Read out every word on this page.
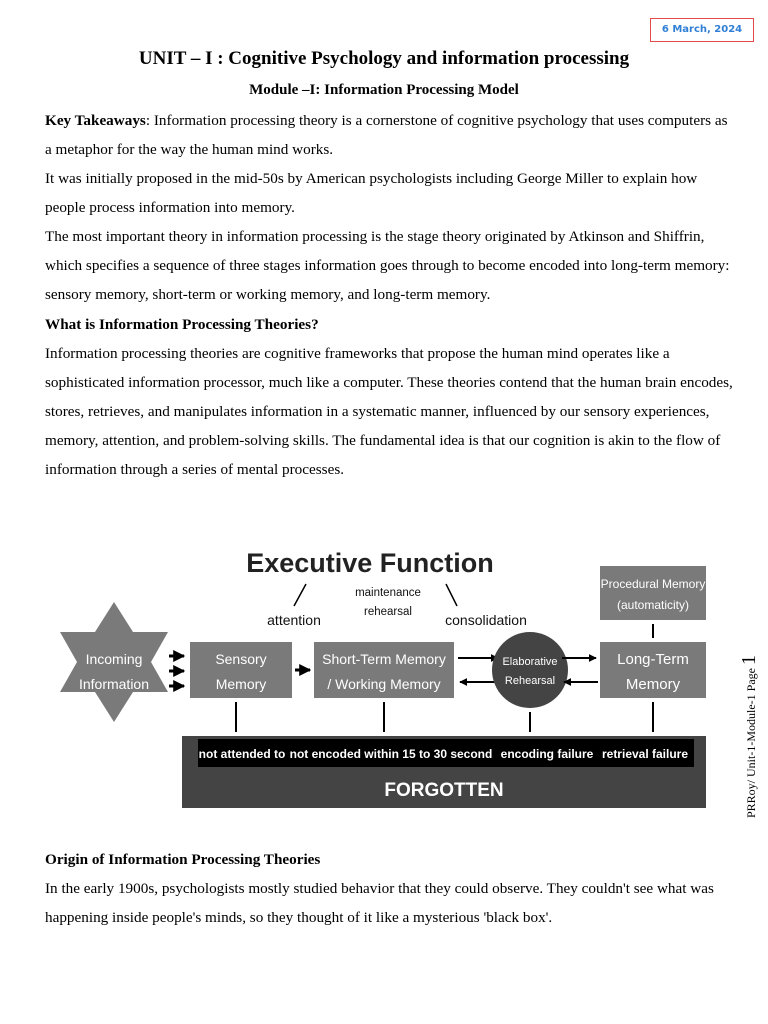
6 March, 2024
UNIT – I : Cognitive Psychology and information processing
Module –I: Information Processing Model

Key Takeaways: Information processing theory is a cornerstone of cognitive psychology that uses computers as a metaphor for the way the human mind works.

It was initially proposed in the mid-50s by American psychologists including George Miller to explain how people process information into memory.

The most important theory in information processing is the stage theory originated by Atkinson and Shiffrin, which specifies a sequence of three stages information goes through to become encoded into long-term memory: sensory memory, short-term or working memory, and long-term memory.

What is Information Processing Theories?

Information processing theories are cognitive frameworks that propose the human mind operates like a sophisticated information processor, much like a computer. These theories contend that the human brain encodes, stores, retrieves, and manipulates information in a systematic manner, influenced by our sensory experiences, memory, attention, and problem-solving skills. The fundamental idea is that our cognition is akin to the flow of information through a series of mental processes.

Executive Function
attention
maintenance
rehearsal consolidation
Incoming
Information
Sensory
Memory
Short-Term Memory
/ Working Memory
Elaborative
Rehearsal
Long-Term
Memory
Procedural Memory
(automaticity)
not attended to not encoded within 15 to 30 second encoding failure retrieval failure
FORGOTTEN

Origin of Information Processing Theories

In the early 1900s, psychologists mostly studied behavior that they could observe. They couldn't see what was happening inside people's minds, so they thought of it like a mysterious 'black box'.

PRRoy/ Unit-1-Module-1 Page 1
